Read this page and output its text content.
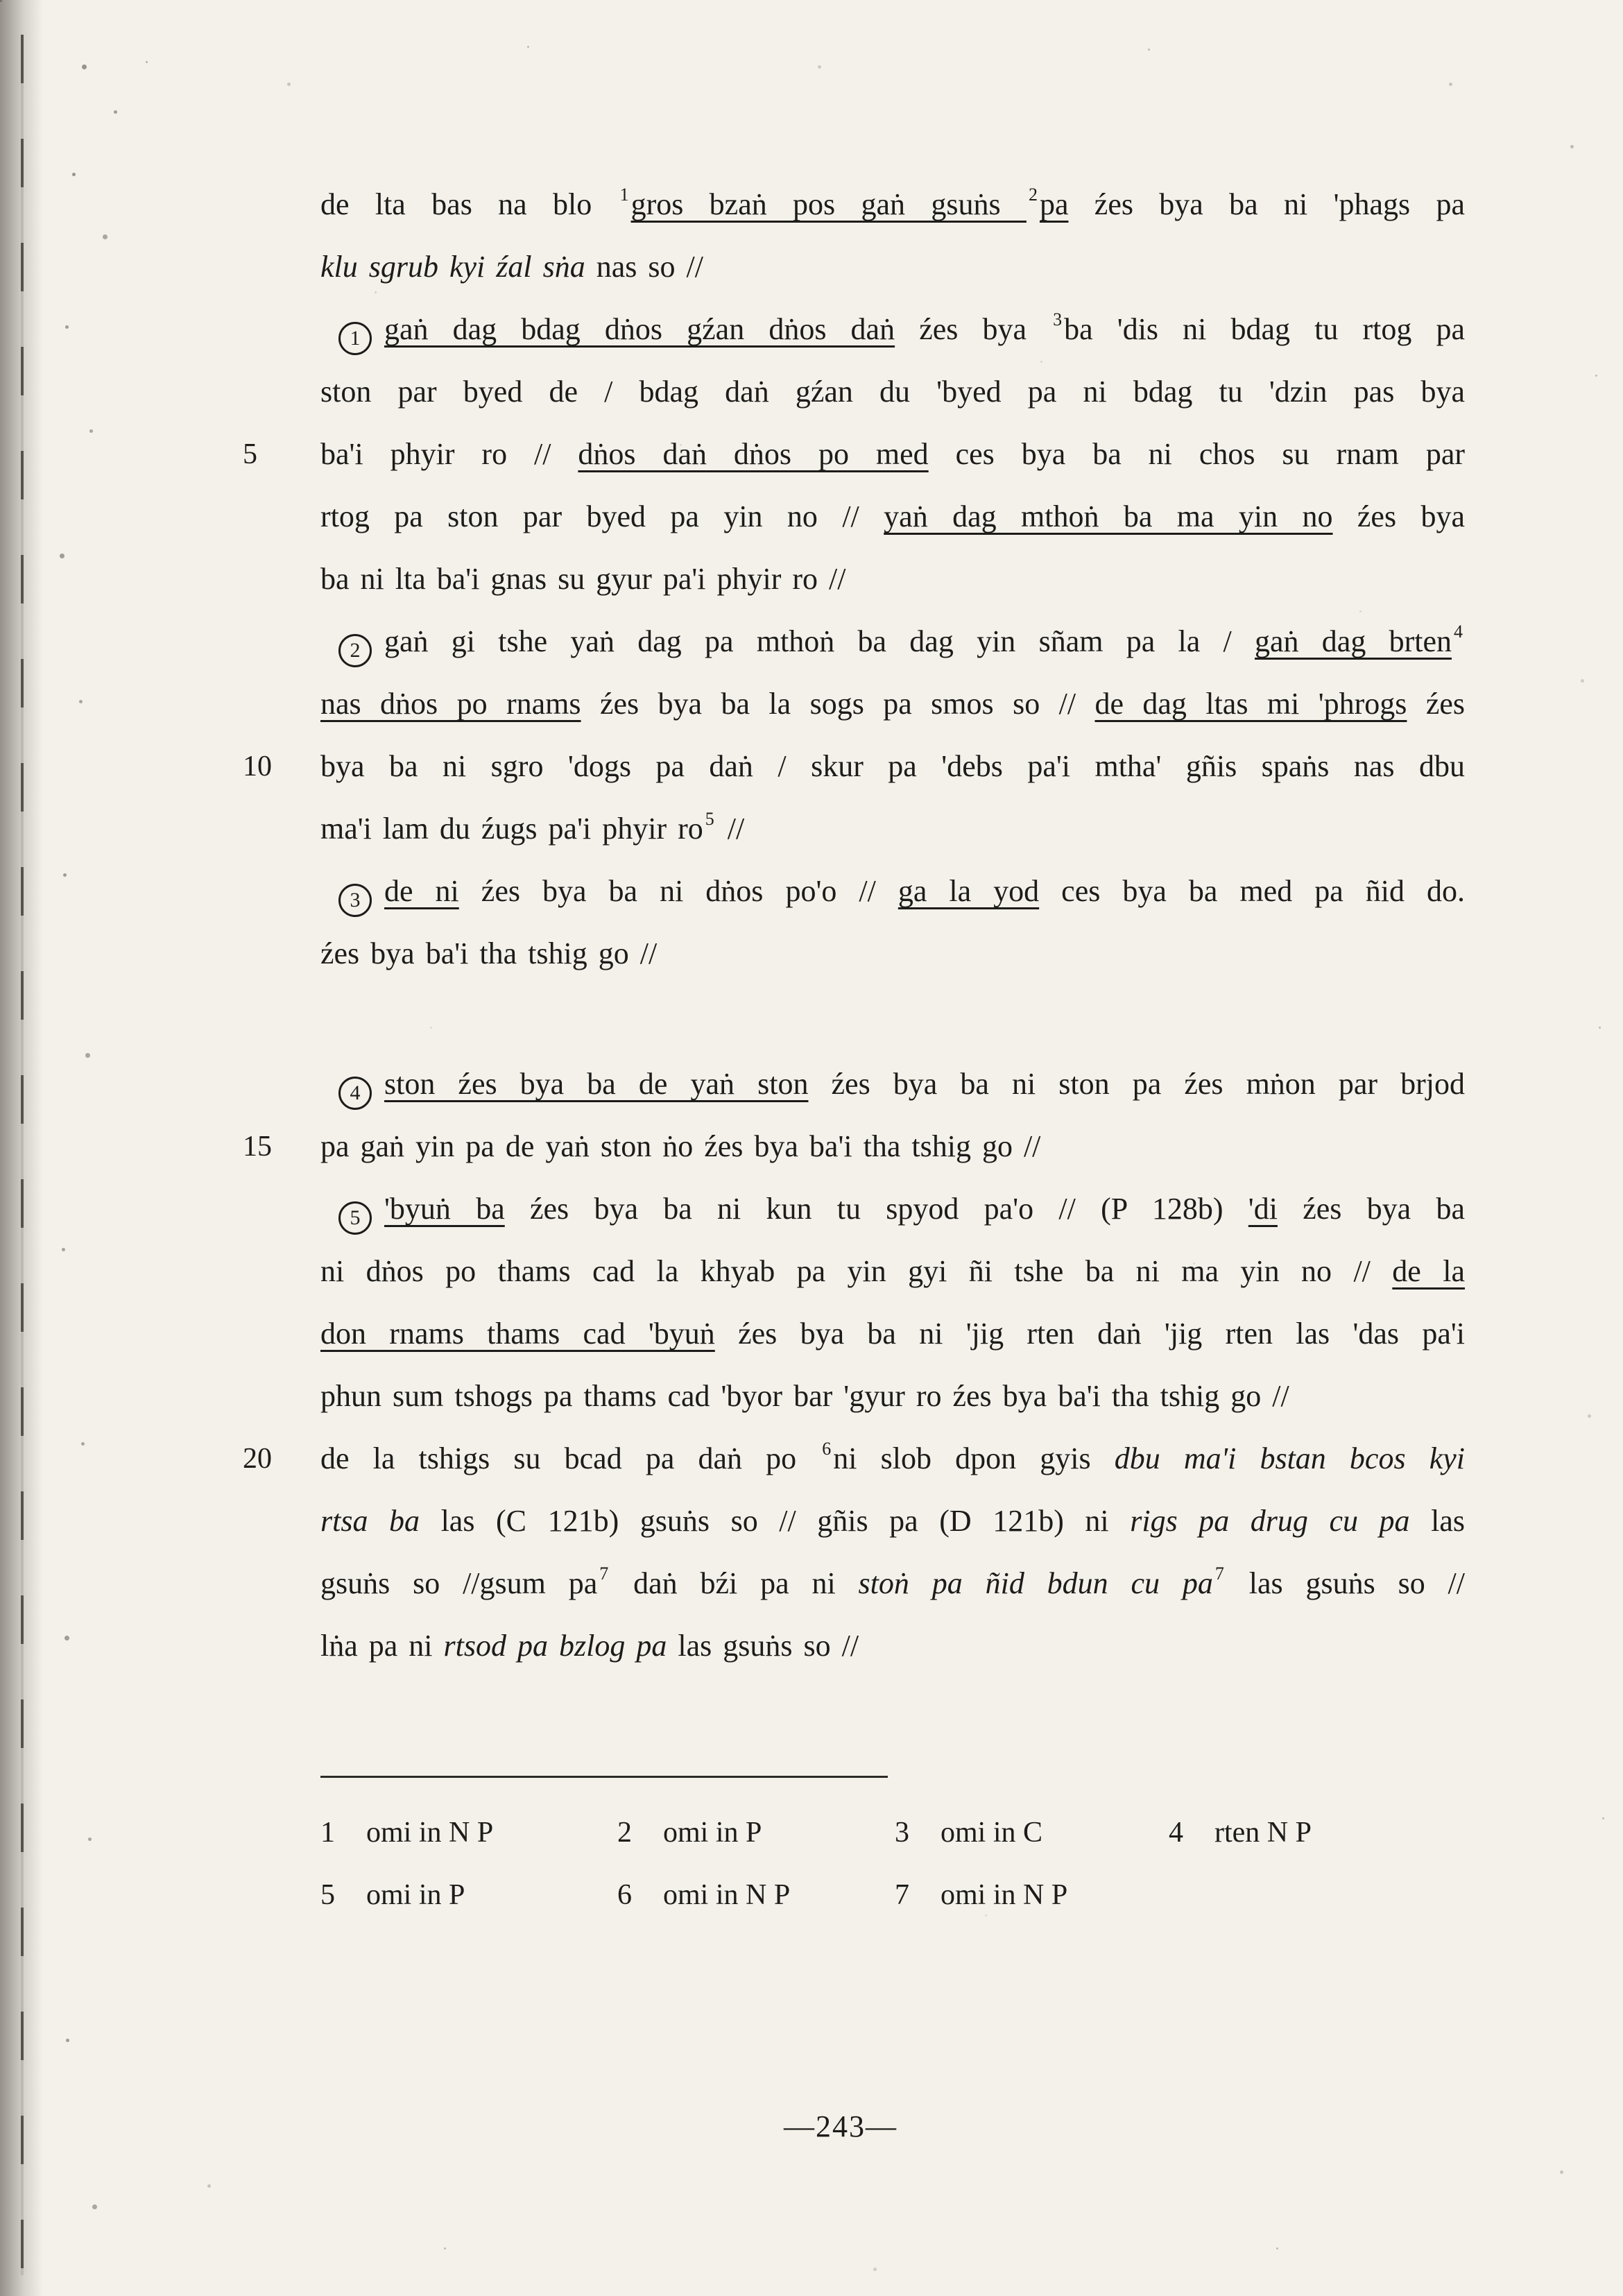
de lta bas na blo $^1$gros bzaṅ pos gaṅ gsuṅs $^2$pa źes bya ba ni 'phags pa
klu sgrub kyi źal sṅa nas so //
1 gaṅ dag bdag dṅos gźan dṅos daṅ źes bya $^3$ba 'dis ni bdag tu rtog pa
ston par byed de / bdag daṅ gźan du 'byed pa ni bdag tu 'dzin pas bya
5 ba'i phyir ro // dṅos daṅ dṅos po med ces bya ba ni chos su rnam par
rtog pa ston par byed pa yin no // yaṅ dag mthoṅ ba ma yin no źes bya
ba ni lta ba'i gnas su gyur pa'i phyir ro //
2 gaṅ gi tshe yaṅ dag pa mthoṅ ba dag yin sñam pa la / gaṅ dag brten $^4$
nas dṅos po rnams źes bya ba la sogs pa smos so // de dag ltas mi 'phrogs źes
10 bya ba ni sgro 'dogs pa daṅ / skur pa 'debs pa'i mtha' gñis spaṅs nas dbu
ma'i lam du źugs pa'i phyir ro $^5$ //
3 de ni źes bya ba ni dṅos po'o // ga la yod ces bya ba med pa ñid do.
źes bya ba'i tha tshig go //
4 ston źes bya ba de yaṅ ston źes bya ba ni ston pa źes mṅon par brjod
15 pa gaṅ yin pa de yaṅ ston ṅo źes bya ba'i tha tshig go //
5 'byuṅ ba źes bya ba ni kun tu spyod pa'o // (P 128b) 'di źes bya ba
ni dṅos po thams cad la khyab pa yin gyi ñi tshe ba ni ma yin no // de la
don rnams thams cad 'byuṅ źes bya ba ni 'jig rten daṅ 'jig rten las 'das pa'i
phun sum tshogs pa thams cad 'byor bar 'gyur ro źes bya ba'i tha tshig go //
20 de la tshigs su bcad pa daṅ po $^6$ni slob dpon gyis dbu ma'i bstan bcos kyi
rtsa ba las (C 121b) gsuṅs so // gñis pa (D 121b) ni rigs pa drug cu pa las
gsuṅs so //gsum pa $^7$ daṅ bźi pa ni stoṅ pa ñid bdun cu pa $^7$ las gsuṅs so //
lṅa pa ni rtsod pa bzlog pa las gsuṅs so //
1 omi in N P	2 omi in P	3 omi in C	4 rten N P
5 omi in P	6 omi in N P	7 omi in N P
—243—
